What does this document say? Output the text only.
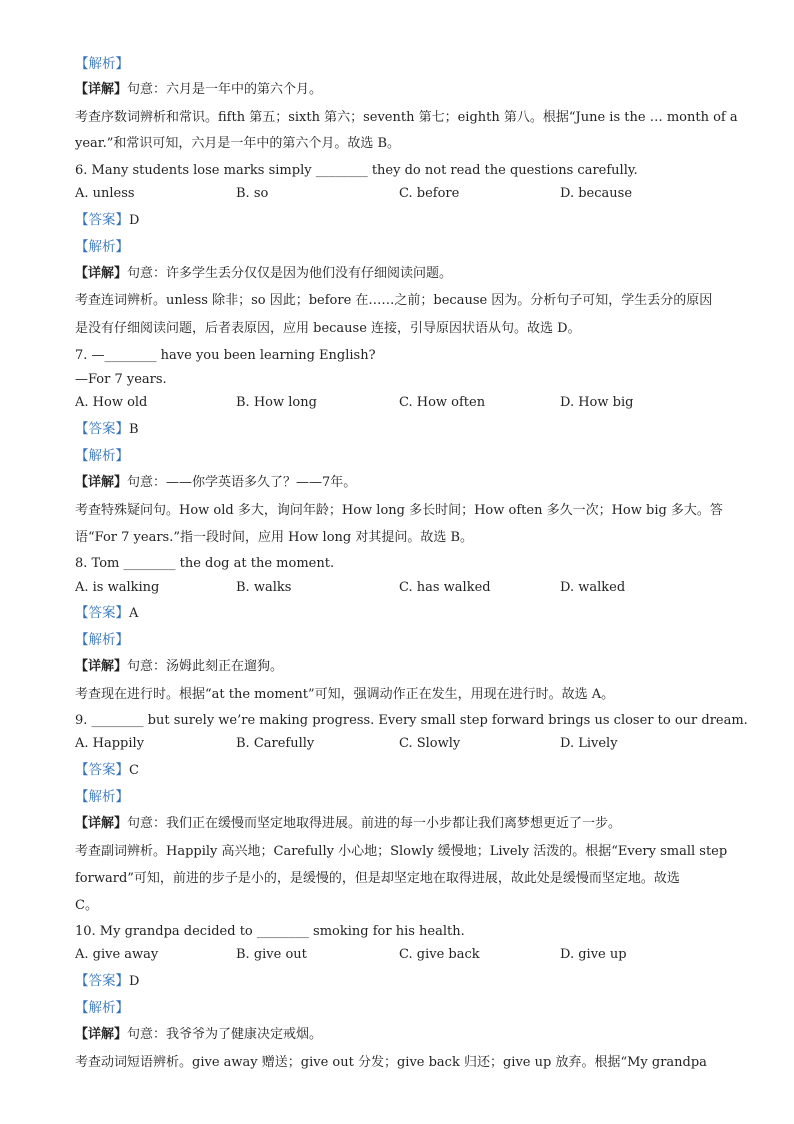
【解析】
【详解】句意：六月是一年中的第六个月。
考查序数词辨析和常识。fifth 第五；sixth 第六；seventh 第七；eighth 第八。根据“June is the … month of a
year.”和常识可知，六月是一年中的第六个月。故选 B。
6. Many students lose marks simply ________ they do not read the questions carefully.
A. unless	B. so	C. before	D. because
【答案】D
【解析】
【详解】句意：许多学生丢分仅仅是因为他们没有仔细阅读问题。
考查连词辨析。unless 除非；so 因此；before 在……之前；because 因为。分析句子可知，学生丢分的原因
是没有仔细阅读问题，后者表原因，应用 because 连接，引导原因状语从句。故选 D。
7. —________ have you been learning English?
—For 7 years.
A. How old	B. How long	C. How often	D. How big
【答案】B
【解析】
【详解】句意：——你学英语多久了？——7年。
考查特殊疑问句。How old 多大，询问年龄；How long 多长时间；How often 多久一次；How big 多大。答
语“For 7 years.”指一段时间，应用 How long 对其提问。故选 B。
8. Tom ________ the dog at the moment.
A. is walking	B. walks	C. has walked	D. walked
【答案】A
【解析】
【详解】句意：汤姆此刻正在遛狗。
考查现在进行时。根据“at the moment”可知，强调动作正在发生，用现在进行时。故选 A。
9. ________ but surely we’re making progress. Every small step forward brings us closer to our dream.
A. Happily	B. Carefully	C. Slowly	D. Lively
【答案】C
【解析】
【详解】句意：我们正在缓慢而坚定地取得进展。前进的每一小步都让我们离梦想更近了一步。
考查副词辨析。Happily 高兴地；Carefully 小心地；Slowly 缓慢地；Lively 活泼的。根据“Every small step
forward”可知，前进的步子是小的，是缓慢的，但是却坚定地在取得进展，故此处是缓慢而坚定地。故选
C。
10. My grandpa decided to ________ smoking for his health.
A. give away	B. give out	C. give back	D. give up
【答案】D
【解析】
【详解】句意：我爷爷为了健康决定戒烟。
考查动词短语辨析。give away 赠送；give out 分发；give back 归还；give up 放弃。根据“My grandpa
